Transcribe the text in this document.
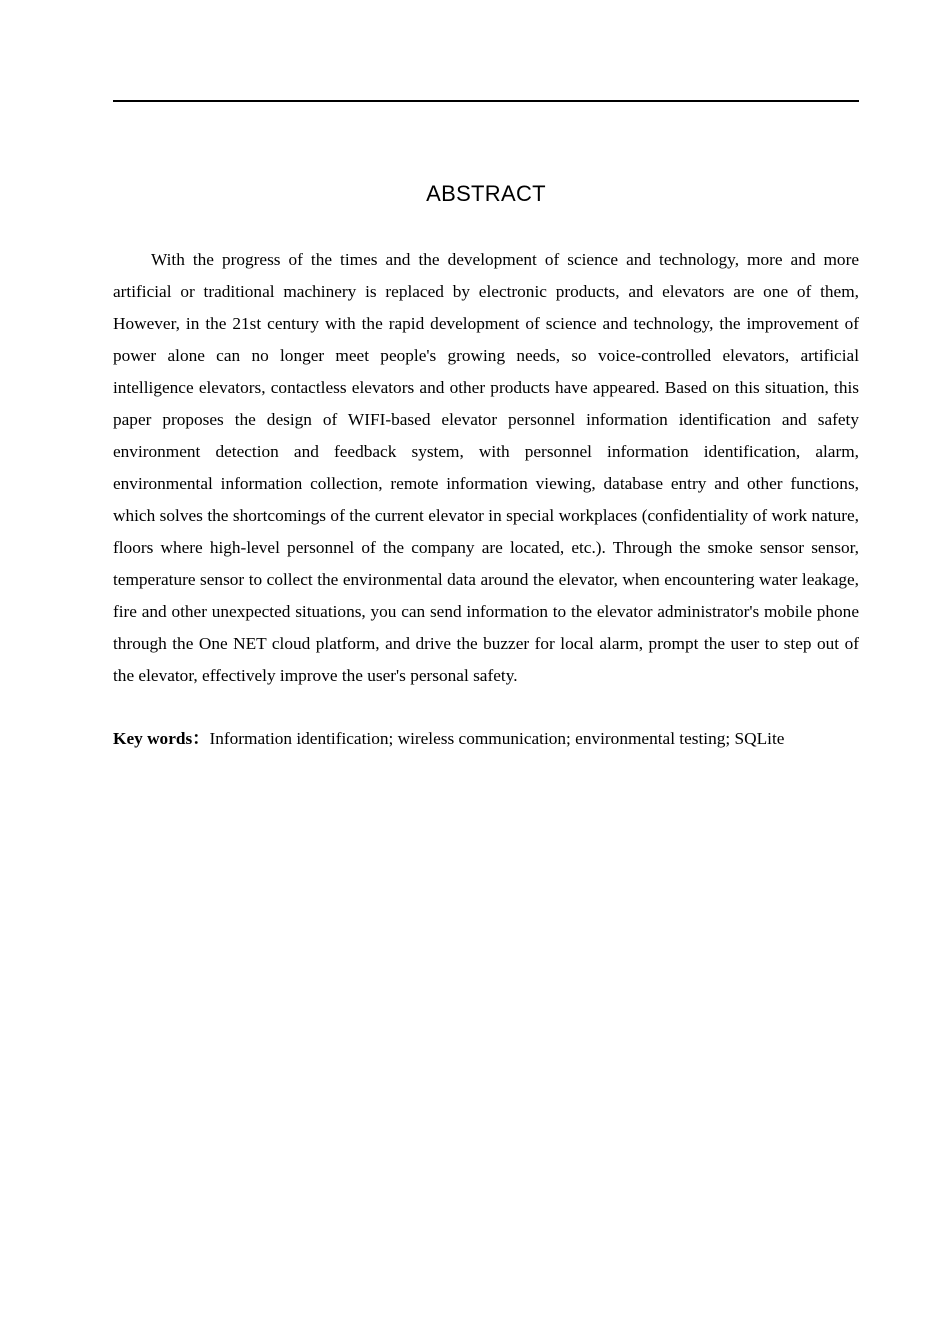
ABSTRACT

With the progress of the times and the development of science and technology, more and more artificial or traditional machinery is replaced by electronic products, and elevators are one of them, However, in the 21st century with the rapid development of science and technology, the improvement of power alone can no longer meet people's growing needs, so voice-controlled elevators, artificial intelligence elevators, contactless elevators and other products have appeared. Based on this situation, this paper proposes the design of WIFI-based elevator personnel information identification and safety environment detection and feedback system, with personnel information identification, alarm, environmental information collection, remote information viewing, database entry and other functions, which solves the shortcomings of the current elevator in special workplaces (confidentiality of work nature, floors where high-level personnel of the company are located, etc.). Through the smoke sensor sensor, temperature sensor to collect the environmental data around the elevator, when encountering water leakage, fire and other unexpected situations, you can send information to the elevator administrator's mobile phone through the One NET cloud platform, and drive the buzzer for local alarm, prompt the user to step out of the elevator, effectively improve the user's personal safety.

Key words：Information identification; wireless communication; environmental testing; SQLite
